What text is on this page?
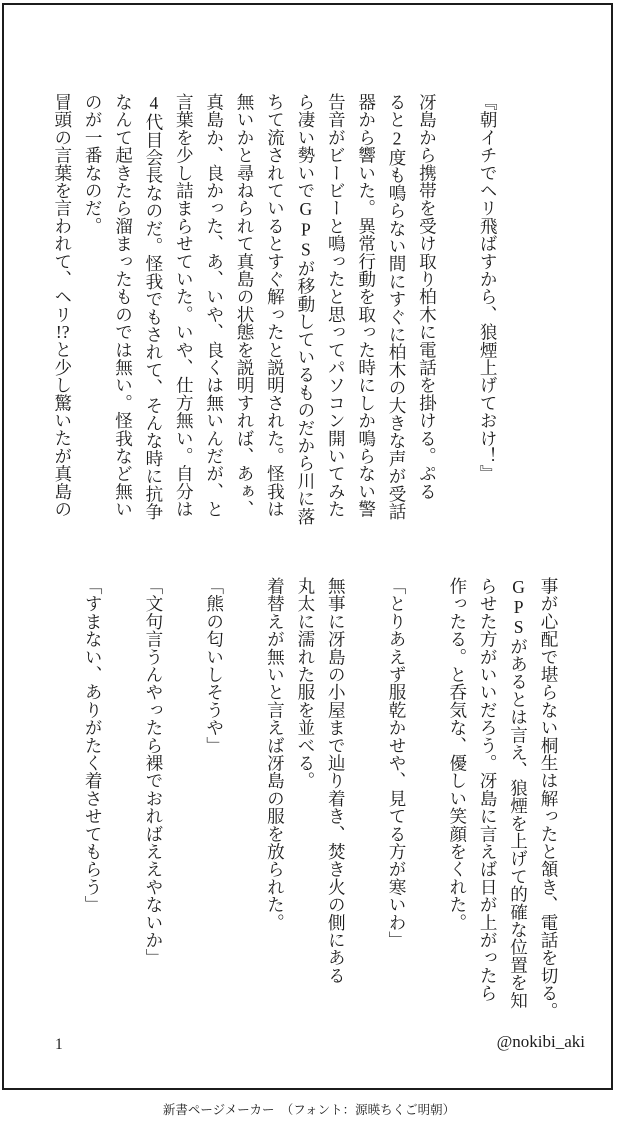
『朝イチでヘリ飛ばすから、狼煙上げておけ！』

冴島から携帯を受け取り柏木に電話を掛ける。ぷる
ると2度も鳴らない間にすぐに柏木の大きな声が受話
器から響いた。異常行動を取った時にしか鳴らない警
告音がビービーと鳴ったと思ってパソコン開いてみた
ら凄い勢いでGPSが移動しているものだから川に落
ちて流されているとすぐ解ったと説明された。怪我は
無いかと尋ねられて真島の状態を説明すれば、あぁ、
真島か、良かった、あ、いや、良くは無いんだが、と
言葉を少し詰まらせていた。いや、仕方無い。自分は
4代目会長なのだ。怪我でもされて、そんな時に抗争
なんて起きたら溜まったものでは無い。怪我など無い
のが一番なのだ。
冒頭の言葉を言われて、ヘリ!?と少し驚いたが真島の
事が心配で堪らない桐生は解ったと頷き、電話を切る。
GPSがあるとは言え、狼煙を上げて的確な位置を知
らせた方がいいだろう。冴島に言えば日が上がったら
作ったる。と呑気な、優しい笑顔をくれた。

「とりあえず服乾かせや、見てる方が寒いわ」

無事に冴島の小屋まで辿り着き、焚き火の側にある
丸太に濡れた服を並べる。
着替えが無いと言えば冴島の服を放られた。

「熊の匂いしそうや」

「文句言うんやったら裸でおればええやないか」

「すまない、ありがたく着させてもらう」

1	@nokibi_aki
新書ページメーカー　（フォント：源暎ちくご明朝）
